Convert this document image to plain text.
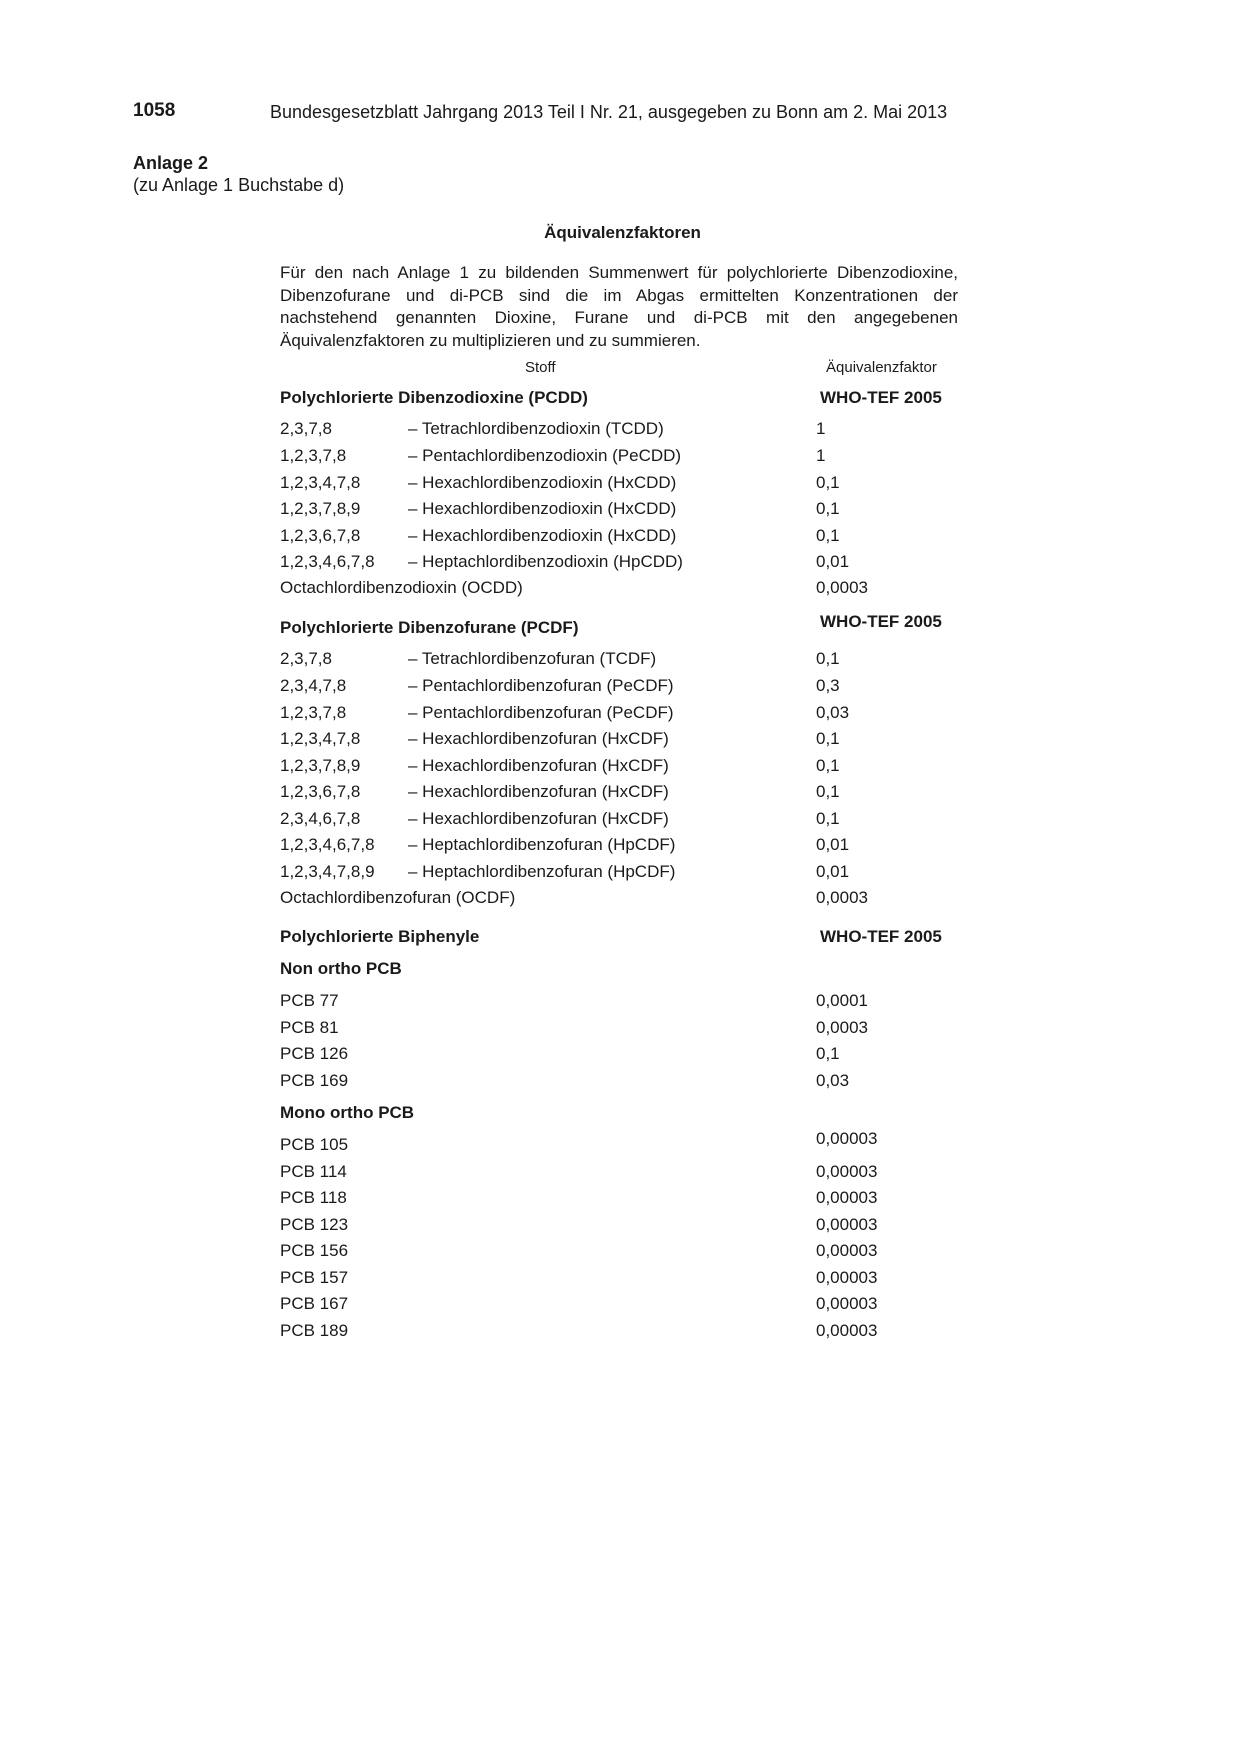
1058	Bundesgesetzblatt Jahrgang 2013 Teil I Nr. 21, ausgegeben zu Bonn am 2. Mai 2013
Anlage 2
(zu Anlage 1 Buchstabe d)
Äquivalenzfaktoren

Für den nach Anlage 1 zu bildenden Summenwert für polychlorierte Dibenzodioxine, Dibenzofurane und di-PCB sind die im Abgas ermittelten Konzentrationen der nachstehend genannten Dioxine, Furane und di-PCB mit den angegebenen Äquivalenzfaktoren zu multiplizieren und zu summieren.

Stoff	Äquivalenzfaktor
Polychlorierte Dibenzodioxine (PCDD)	WHO-TEF 2005
2,3,7,8	– Tetrachlordibenzodioxin (TCDD)	1
1,2,3,7,8	– Pentachlordibenzodioxin (PeCDD)	1
1,2,3,4,7,8	– Hexachlordibenzodioxin (HxCDD)	0,1
1,2,3,7,8,9	– Hexachlordibenzodioxin (HxCDD)	0,1
1,2,3,6,7,8	– Hexachlordibenzodioxin (HxCDD)	0,1
1,2,3,4,6,7,8 – Heptachlordibenzodioxin (HpCDD)	0,01
Octachlordibenzodioxin (OCDD)	0,0003
Polychlorierte Dibenzofurane (PCDF)	WHO-TEF 2005
2,3,7,8	– Tetrachlordibenzofuran (TCDF)	0,1
2,3,4,7,8	– Pentachlordibenzofuran (PeCDF)	0,3
1,2,3,7,8	– Pentachlordibenzofuran (PeCDF)	0,03
1,2,3,4,7,8	– Hexachlordibenzofuran (HxCDF)	0,1
1,2,3,7,8,9	– Hexachlordibenzofuran (HxCDF)	0,1
1,2,3,6,7,8	– Hexachlordibenzofuran (HxCDF)	0,1
2,3,4,6,7,8	– Hexachlordibenzofuran (HxCDF)	0,1
1,2,3,4,6,7,8 – Heptachlordibenzofuran (HpCDF)	0,01
1,2,3,4,7,8,9 – Heptachlordibenzofuran (HpCDF)	0,01
Octachlordibenzofuran (OCDF)	0,0003
Polychlorierte Biphenyle	WHO-TEF 2005
Non ortho PCB
PCB 77	0,0001
PCB 81	0,0003
PCB 126	0,1
PCB 169	0,03
Mono ortho PCB
PCB 105	0,00003
PCB 114	0,00003
PCB 118	0,00003
PCB 123	0,00003
PCB 156	0,00003
PCB 157	0,00003
PCB 167	0,00003
PCB 189	0,00003
